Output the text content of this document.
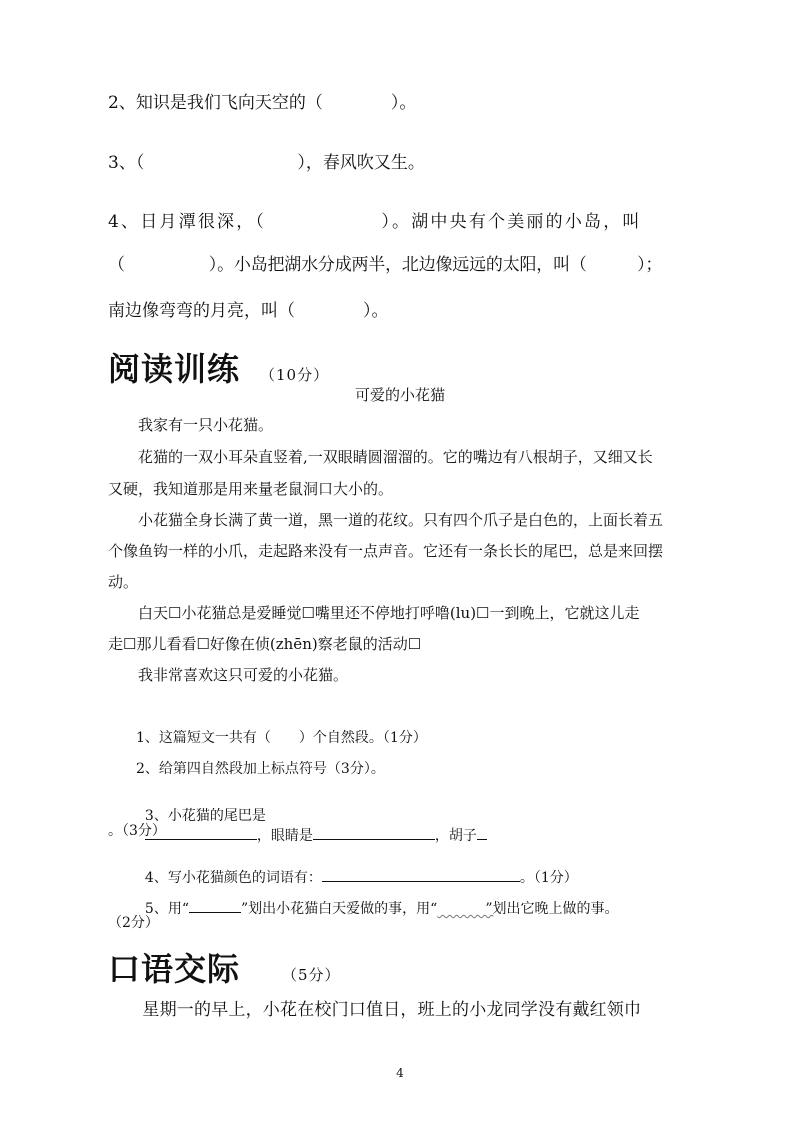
2、知识是我们飞向天空的（　　　　）。
3、（　　　　　　　　　），春风吹又生。
4、日月潭很深，（　　　　　　）。湖中央有个美丽的小岛，叫
（　　　　　）。小岛把湖水分成两半，北边像远远的太阳，叫（　　　）；
南边像弯弯的月亮，叫（　　　　）。
阅读训练 （10分）
可爱的小花猫
　　我家有一只小花猫。
　　花猫的一双小耳朵直竖着,一双眼睛圆溜溜的。它的嘴边有八根胡子，又细又长
又硬，我知道那是用来量老鼠洞口大小的。
　　小花猫全身长满了黄一道，黑一道的花纹。只有四个爪子是白色的，上面长着五
个像鱼钩一样的小爪，走起路来没有一点声音。它还有一条长长的尾巴，总是来回摆
动。
　　白天☐小花猫总是爱睡觉☐嘴里还不停地打呼噜(lu)☐一到晚上，它就这儿走
走☐那儿看看☐好像在侦(zhēn)察老鼠的活动☐
　　我非常喜欢这只可爱的小花猫。
1、这篇短文一共有（　　）个自然段。（1分）
2、给第四自然段加上标点符号（3分）。

3、小花猫的尾巴是
，眼睛是	，胡子

。（3分）

4、写小花猫颜色的词语有：	。（1分）

5、用“	”划出小花猫白天爱做的事，用“	”划出它晚上做的事。

（2分）
口语交际	（5分）
　　星期一的早上，小花在校门口值日，班上的小龙同学没有戴红领巾
4
